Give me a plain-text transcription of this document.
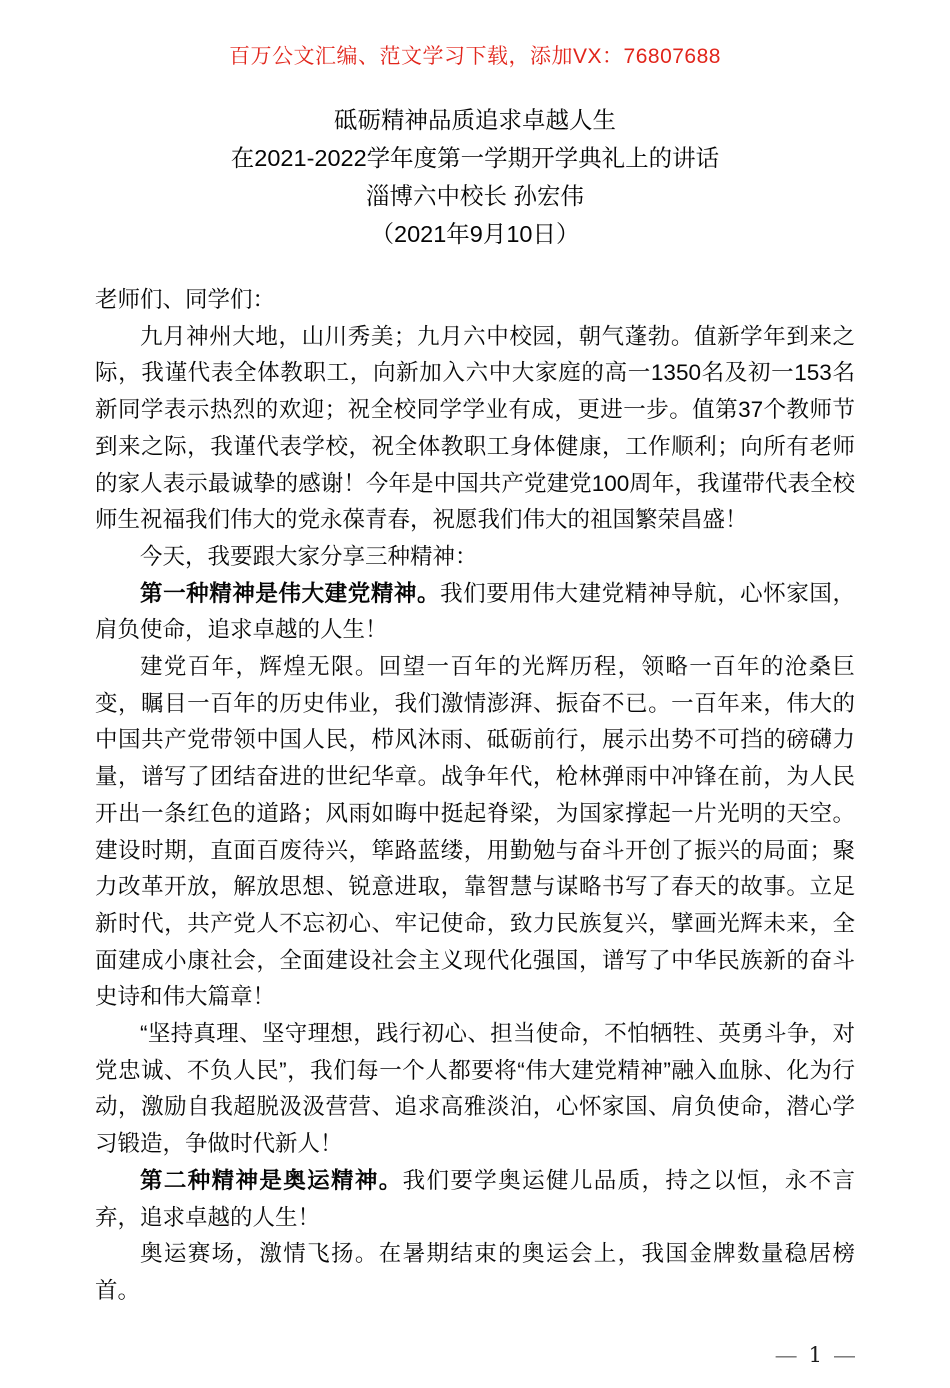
百万公文汇编、范文学习下载，添加VX：76807688

砥砺精神品质追求卓越人生

在2021-2022学年度第一学期开学典礼上的讲话

淄博六中校长 孙宏伟

（2021年9月10日）

老师们、同学们：

九月神州大地，山川秀美；九月六中校园，朝气蓬勃。值新学年到来之际，我谨代表全体教职工，向新加入六中大家庭的高一1350名及初一153名新同学表示热烈的欢迎；祝全校同学学业有成，更进一步。值第37个教师节到来之际，我谨代表学校，祝全体教职工身体健康，工作顺利；向所有老师的家人表示最诚挚的感谢！今年是中国共产党建党100周年，我谨带代表全校师生祝福我们伟大的党永葆青春，祝愿我们伟大的祖国繁荣昌盛！

今天，我要跟大家分享三种精神：

第一种精神是伟大建党精神。我们要用伟大建党精神导航，心怀家国，肩负使命，追求卓越的人生！

建党百年，辉煌无限。回望一百年的光辉历程，领略一百年的沧桑巨变，瞩目一百年的历史伟业，我们激情澎湃、振奋不已。一百年来，伟大的中国共产党带领中国人民，栉风沐雨、砥砺前行，展示出势不可挡的磅礴力量，谱写了团结奋进的世纪华章。战争年代，枪林弹雨中冲锋在前，为人民开出一条红色的道路；风雨如晦中挺起脊梁，为国家撑起一片光明的天空。建设时期，直面百废待兴，筚路蓝缕，用勤勉与奋斗开创了振兴的局面；聚力改革开放，解放思想、锐意进取，靠智慧与谋略书写了春天的故事。立足新时代，共产党人不忘初心、牢记使命，致力民族复兴，擘画光辉未来，全面建成小康社会，全面建设社会主义现代化强国，谱写了中华民族新的奋斗史诗和伟大篇章！

“坚持真理、坚守理想，践行初心、担当使命，不怕牺牲、英勇斗争，对党忠诚、不负人民”，我们每一个人都要将“伟大建党精神”融入血脉、化为行动，激励自我超脱汲汲营营、追求高雅淡泊，心怀家国、肩负使命，潜心学习锻造，争做时代新人！

第二种精神是奥运精神。我们要学奥运健儿品质，持之以恒，永不言弃，追求卓越的人生！

奥运赛场，激情飞扬。在暑期结束的奥运会上，我国金牌数量稳居榜首。

— 1 —
